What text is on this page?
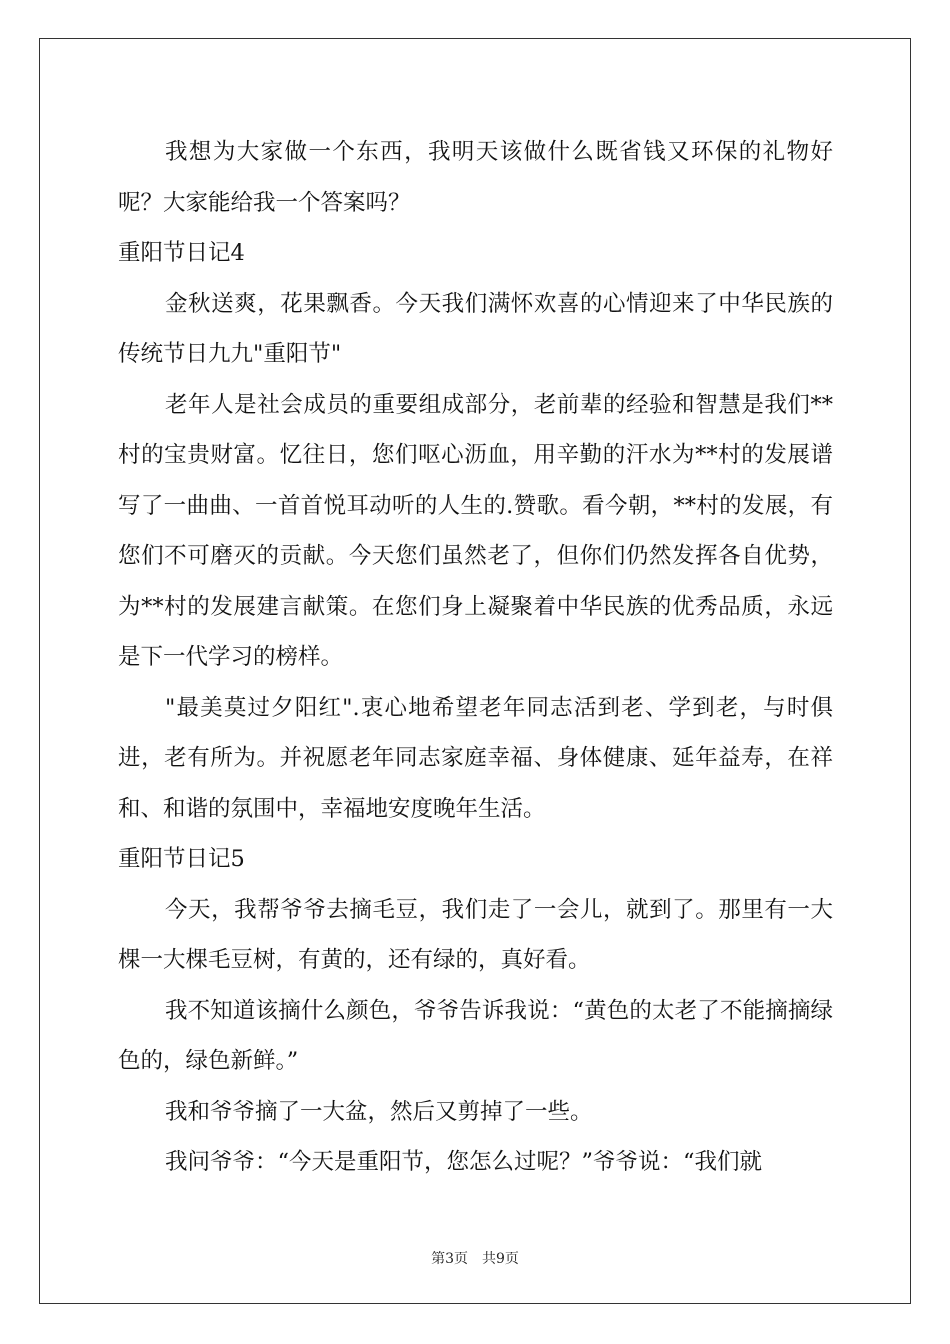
我想为大家做一个东西，我明天该做什么既省钱又环保的礼物好呢？大家能给我一个答案吗？

重阳节日记4

金秋送爽，花果飘香。今天我们满怀欢喜的心情迎来了中华民族的传统节日九九"重阳节"

老年人是社会成员的重要组成部分，老前辈的经验和智慧是我们**村的宝贵财富。忆往日，您们呕心沥血，用辛勤的汗水为**村的发展谱写了一曲曲、一首首悦耳动听的人生的.赞歌。看今朝，**村的发展，有您们不可磨灭的贡献。今天您们虽然老了，但你们仍然发挥各自优势，为**村的发展建言献策。在您们身上凝聚着中华民族的优秀品质，永远是下一代学习的榜样。

"最美莫过夕阳红".衷心地希望老年同志活到老、学到老，与时俱进，老有所为。并祝愿老年同志家庭幸福、身体健康、延年益寿，在祥和、和谐的氛围中，幸福地安度晚年生活。

重阳节日记5

今天，我帮爷爷去摘毛豆，我们走了一会儿，就到了。那里有一大棵一大棵毛豆树，有黄的，还有绿的，真好看。

我不知道该摘什么颜色，爷爷告诉我说：“黄色的太老了不能摘摘绿色的，绿色新鲜。”

我和爷爷摘了一大盆，然后又剪掉了一些。

我问爷爷：“今天是重阳节，您怎么过呢？”爷爷说：“我们就

第3页　共9页
